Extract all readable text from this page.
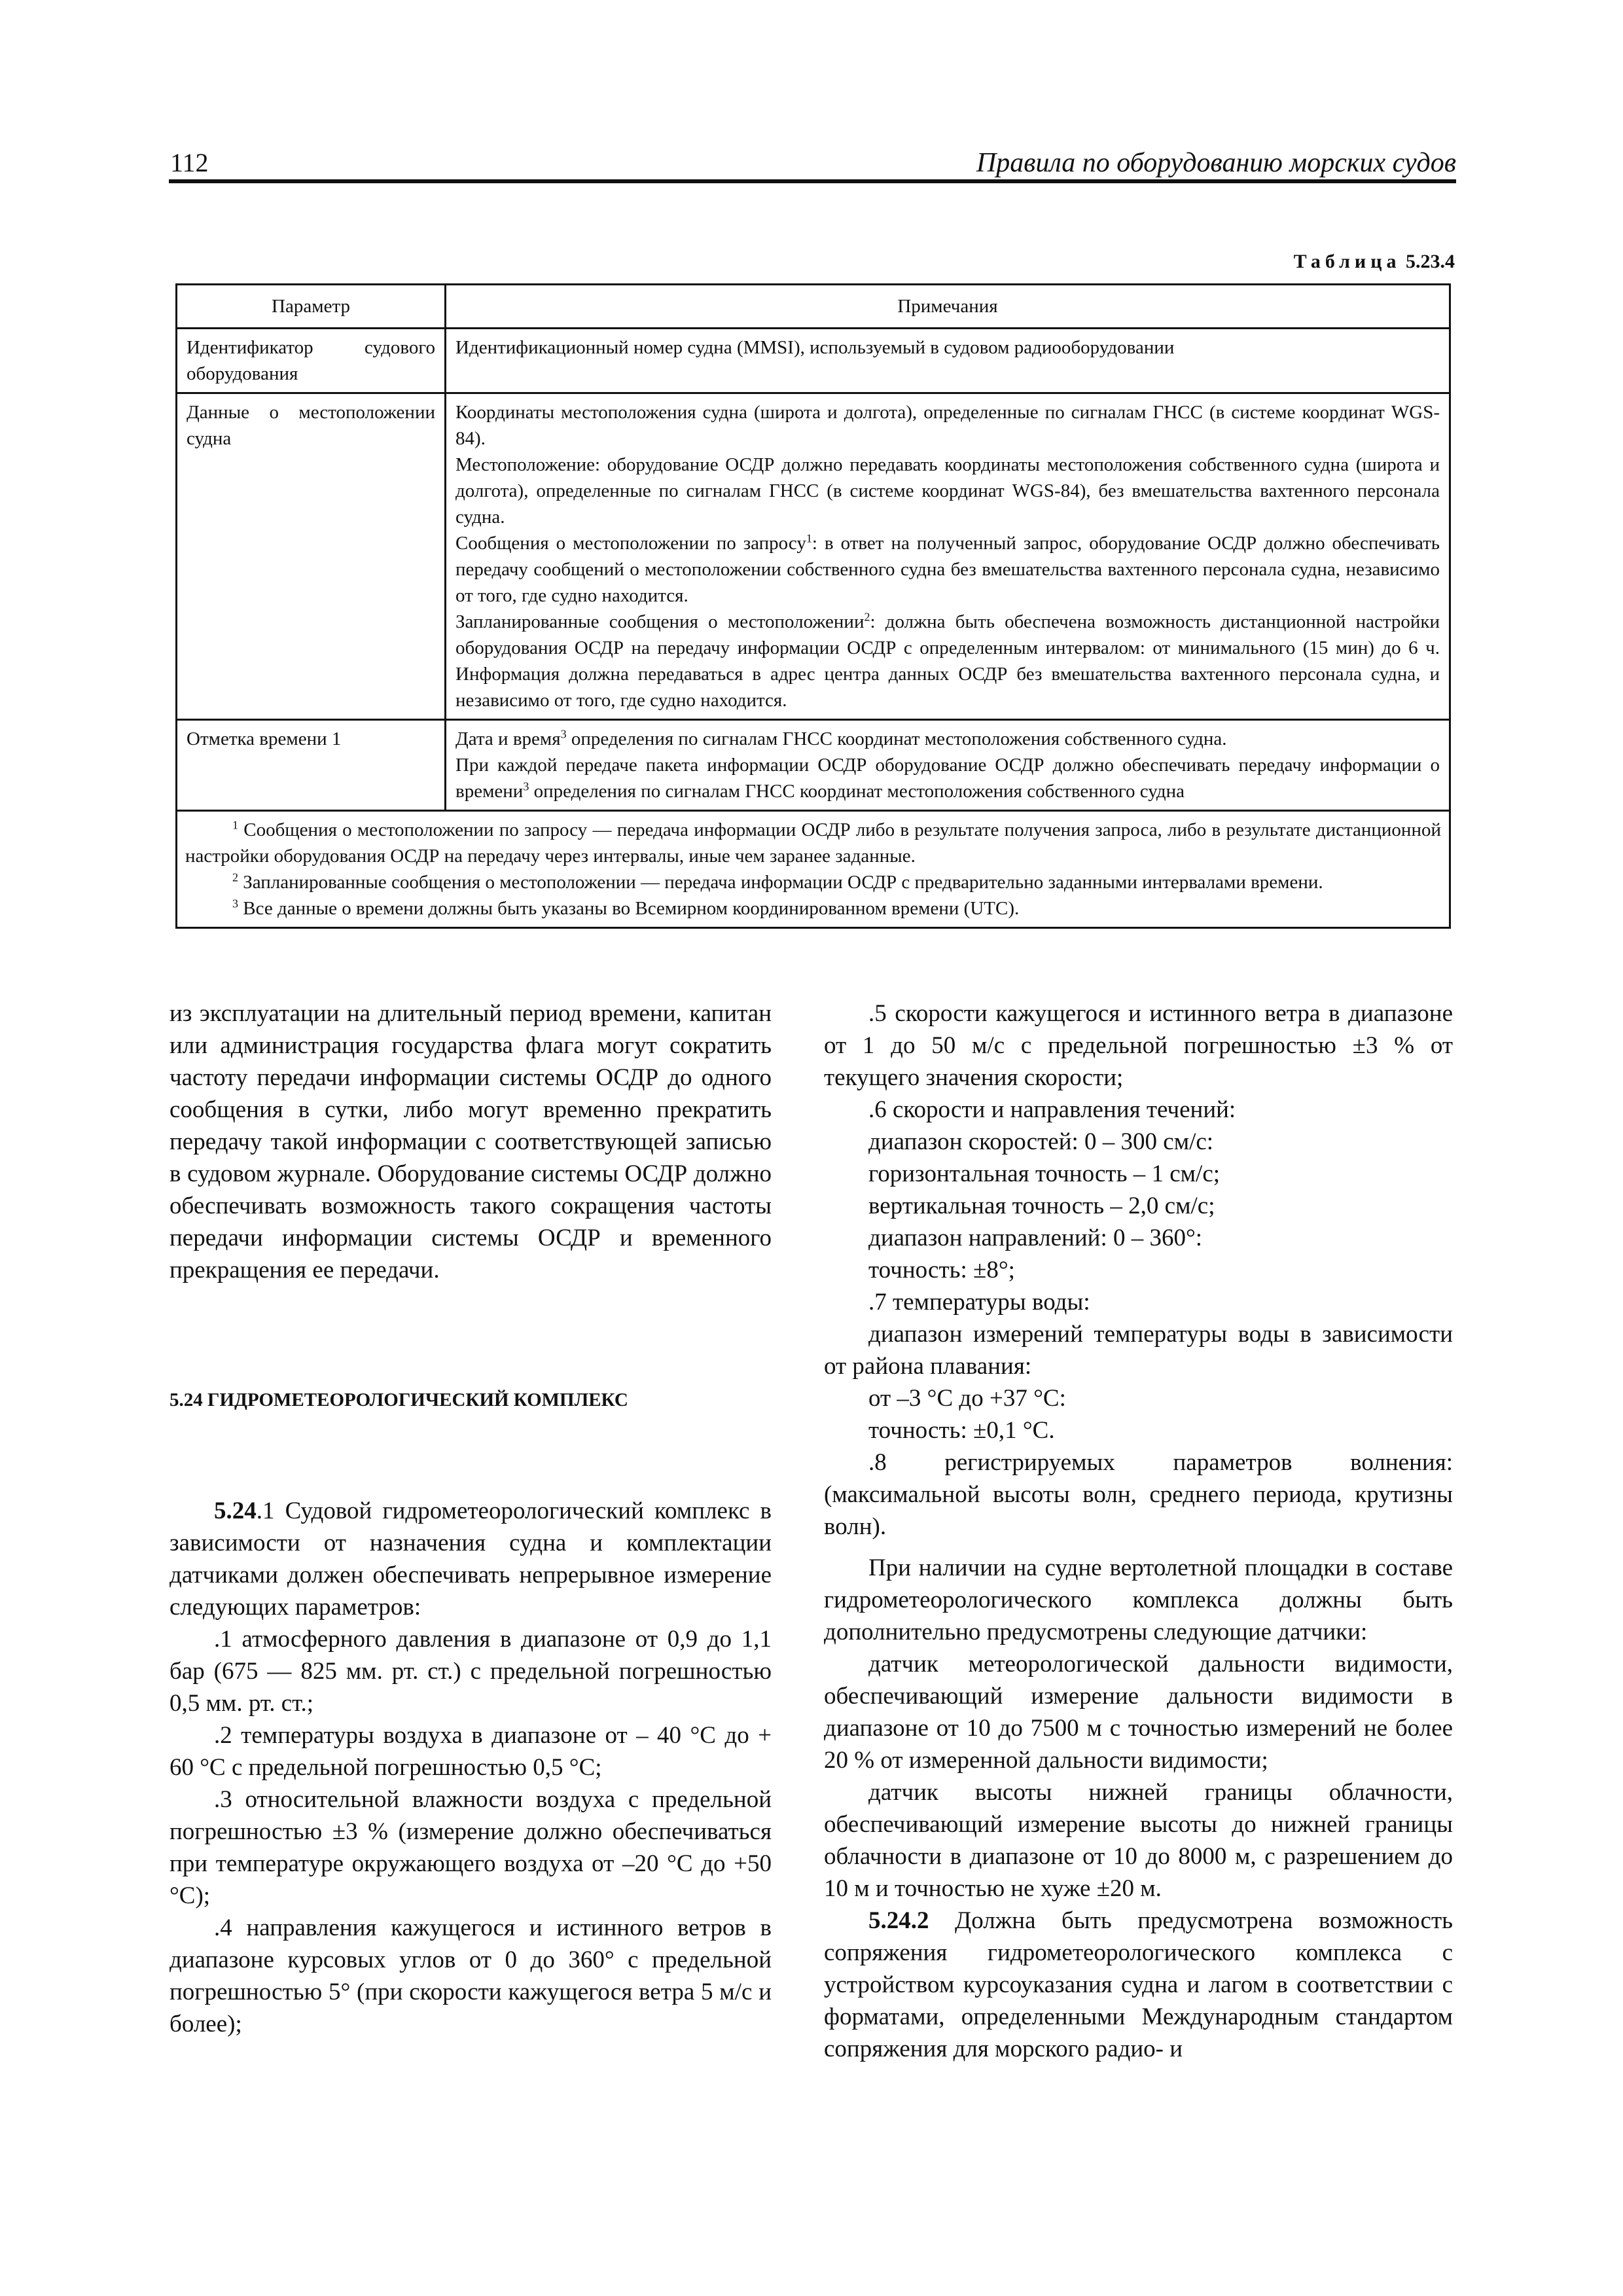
112	Правила по оборудованию морских судов
Таблица 5.23.4
Параметр	Примечания
Идентификатор судового оборудования	Идентификационный номер судна (MMSI), используемый в судовом радиооборудовании

Данные о местоположении судна	Координаты местоположения судна (широта и долгота), определенные по сигналам ГНСС (в системе координат WGS-84).

Местоположение: оборудование ОСДР должно передавать координаты местоположения собственного судна (широта и долгота), определенные по сигналам ГНСС (в системе координат WGS-84), без вмешательства вахтенного персонала судна.

Сообщения о местоположении по запросу$^1$: в ответ на полученный запрос, оборудование ОСДР должно обеспечивать передачу сообщений о местоположении собственного судна без вмешательства вахтенного персонала судна, независимо от того, где судно находится.

Запланированные сообщения о местоположении$^2$: должна быть обеспечена возможность дистанционной настройки оборудования ОСДР на передачу информации ОСДР с определенным интервалом: от минимального (15 мин) до 6 ч. Информация должна передаваться в адрес центра данных ОСДР без вмешательства вахтенного персонала судна, и независимо от того, где судно находится.

Отметка времени 1	Дата и время$^3$ определения по сигналам ГНСС координат местоположения собственного судна.

При каждой передаче пакета информации ОСДР оборудование ОСДР должно обеспечивать передачу информации о времени$^3$ определения по сигналам ГНСС координат местоположения собственного судна

$^1$ Сообщения о местоположении по запросу — передача информации ОСДР либо в результате получения запроса, либо в результате дистанционной настройки оборудования ОСДР на передачу через интервалы, иные чем заранее заданные.

$^2$ Запланированные сообщения о местоположении — передача информации ОСДР с предварительно заданными интервалами времени.

$^3$ Все данные о времени должны быть указаны во Всемирном координированном времени (UTC).	

из эксплуатации на длительный период времени, капитан или администрация государства флага могут сократить частоту передачи информации системы ОСДР до одного сообщения в сутки, либо могут временно прекратить передачу такой информации с соответствующей записью в судовом журнале. Оборудование системы ОСДР должно обеспечивать возможность такого сокращения частоты передачи информации системы ОСДР и временного прекращения ее передачи.

5.24 ГИДРОМЕТЕОРОЛОГИЧЕСКИЙ КОМПЛЕКС

5.24.1 Судовой гидрометеорологический комплекс в зависимости от назначения судна и комплектации датчиками должен обеспечивать непрерывное измерение следующих параметров:

.1 атмосферного давления в диапазоне от 0,9 до 1,1 бар (675 — 825 мм. рт. ст.) с предельной погрешностью 0,5 мм. рт. ст.;

.2 температуры воздуха в диапазоне от – 40 °С до + 60 °С с предельной погрешностью 0,5 °С;

.3 относительной влажности воздуха с предельной погрешностью ±3 % (измерение должно обеспечиваться при температуре окружающего воздуха от –20 °С до +50 °С);

.4 направления кажущегося и истинного ветров в диапазоне курсовых углов от 0 до 360° с предельной погрешностью 5° (при скорости кажущегося ветра 5 м/с и более);

.5 скорости кажущегося и истинного ветра в диапазоне от 1 до 50 м/с с предельной погрешностью ±3 % от текущего значения скорости;

.6 скорости и направления течений:

диапазон скоростей: 0 – 300 см/с:

горизонтальная точность – 1 см/с;

вертикальная точность – 2,0 см/с;

диапазон направлений: 0 – 360°:

точность: ±8°;

.7 температуры воды:

диапазон измерений температуры воды в зависимости от района плавания:

от –3 °С до +37 °С:

точность: ±0,1 °С.

.8 регистрируемых параметров волнения: (максимальной высоты волн, среднего периода, крутизны волн).

При наличии на судне вертолетной площадки в составе гидрометеорологического комплекса должны быть дополнительно предусмотрены следующие датчики:

датчик метеорологической дальности видимости, обеспечивающий измерение дальности видимости в диапазоне от 10 до 7500 м с точностью измерений не более 20 % от измеренной дальности видимости;

датчик высоты нижней границы облачности, обеспечивающий измерение высоты до нижней границы облачности в диапазоне от 10 до 8000 м, с разрешением до 10 м и точностью не хуже ±20 м.

5.24.2 Должна быть предусмотрена возможность сопряжения гидрометеорологического комплекса с устройством курсоуказания судна и лагом в соответствии с форматами, определенными Международным стандартом сопряжения для морского радио- и
